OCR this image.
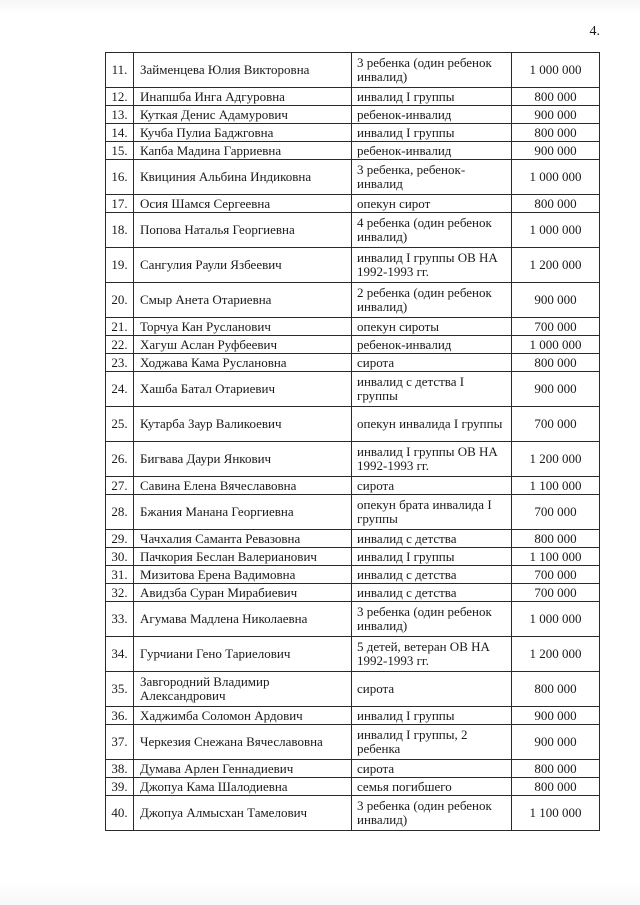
4.
11.	Займенцева Юлия Викторовна	3 ребенка (один ребенок инвалид)	1 000 000
12.	Инапшба Инга Адгуровна	инвалид I группы	800 000
13.	Куткая Денис Адамурович	ребенок-инвалид	900 000
14.	Кучба Пулиа Баджговна	инвалид I группы	800 000
15.	Капба Мадина Гарриевна	ребенок-инвалид	900 000
16.	Квициния Альбина Индиковна	3 ребенка, ребенок-инвалид	1 000 000
17.	Осия Шамся Сергеевна	опекун сирот	800 000
18.	Попова Наталья Георгиевна	4 ребенка (один ребенок инвалид)	1 000 000
19.	Сангулия Раули Язбеевич	инвалид I группы ОВ НА 1992-1993 гг.	1 200 000
20.	Смыр Анета Отариевна	2 ребенка (один ребенок инвалид)	900 000
21.	Торчуа Кан Русланович	опекун сироты	700 000
22.	Хагуш Аслан Руфбеевич	ребенок-инвалид	1 000 000
23.	Ходжава Кама Руслановна	сирота	800 000
24.	Хашба Батал Отариевич	инвалид с детства I группы	900 000
25.	Кутарба Заур Валикоевич	опекун инвалида I группы	700 000
26.	Бигвава Даури Янкович	инвалид I группы ОВ НА 1992-1993 гг.	1 200 000
27.	Савина Елена Вячеславовна	сирота	1 100 000
28.	Бжания Манана Георгиевна	опекун брата инвалида I группы	700 000
29.	Чачхалия Саманта Ревазовна	инвалид с детства	800 000
30.	Пачкория Беслан Валерианович	инвалид I группы	1 100 000
31.	Мизитова Ерена Вадимовна	инвалид с детства	700 000
32.	Авидзба Суран Мирабиевич	инвалид с детства	700 000
33.	Агумава Мадлена Николаевна	3 ребенка (один ребенок инвалид)	1 000 000
34.	Гурчиани Гено Тариелович	5 детей, ветеран ОВ НА 1992-1993 гг.	1 200 000
35.	Завгородний Владимир Александрович	сирота	800 000
36.	Хаджимба Соломон Ардович	инвалид I группы	900 000
37.	Черкезия Снежана Вячеславовна	инвалид I группы, 2 ребенка	900 000
38.	Думава Арлен Геннадиевич	сирота	800 000
39.	Джопуа Кама Шалодиевна	семья погибшего	800 000
40.	Джопуа Алмысхан Тамелович	3 ребенка (один ребенок инвалид)	1 100 000
